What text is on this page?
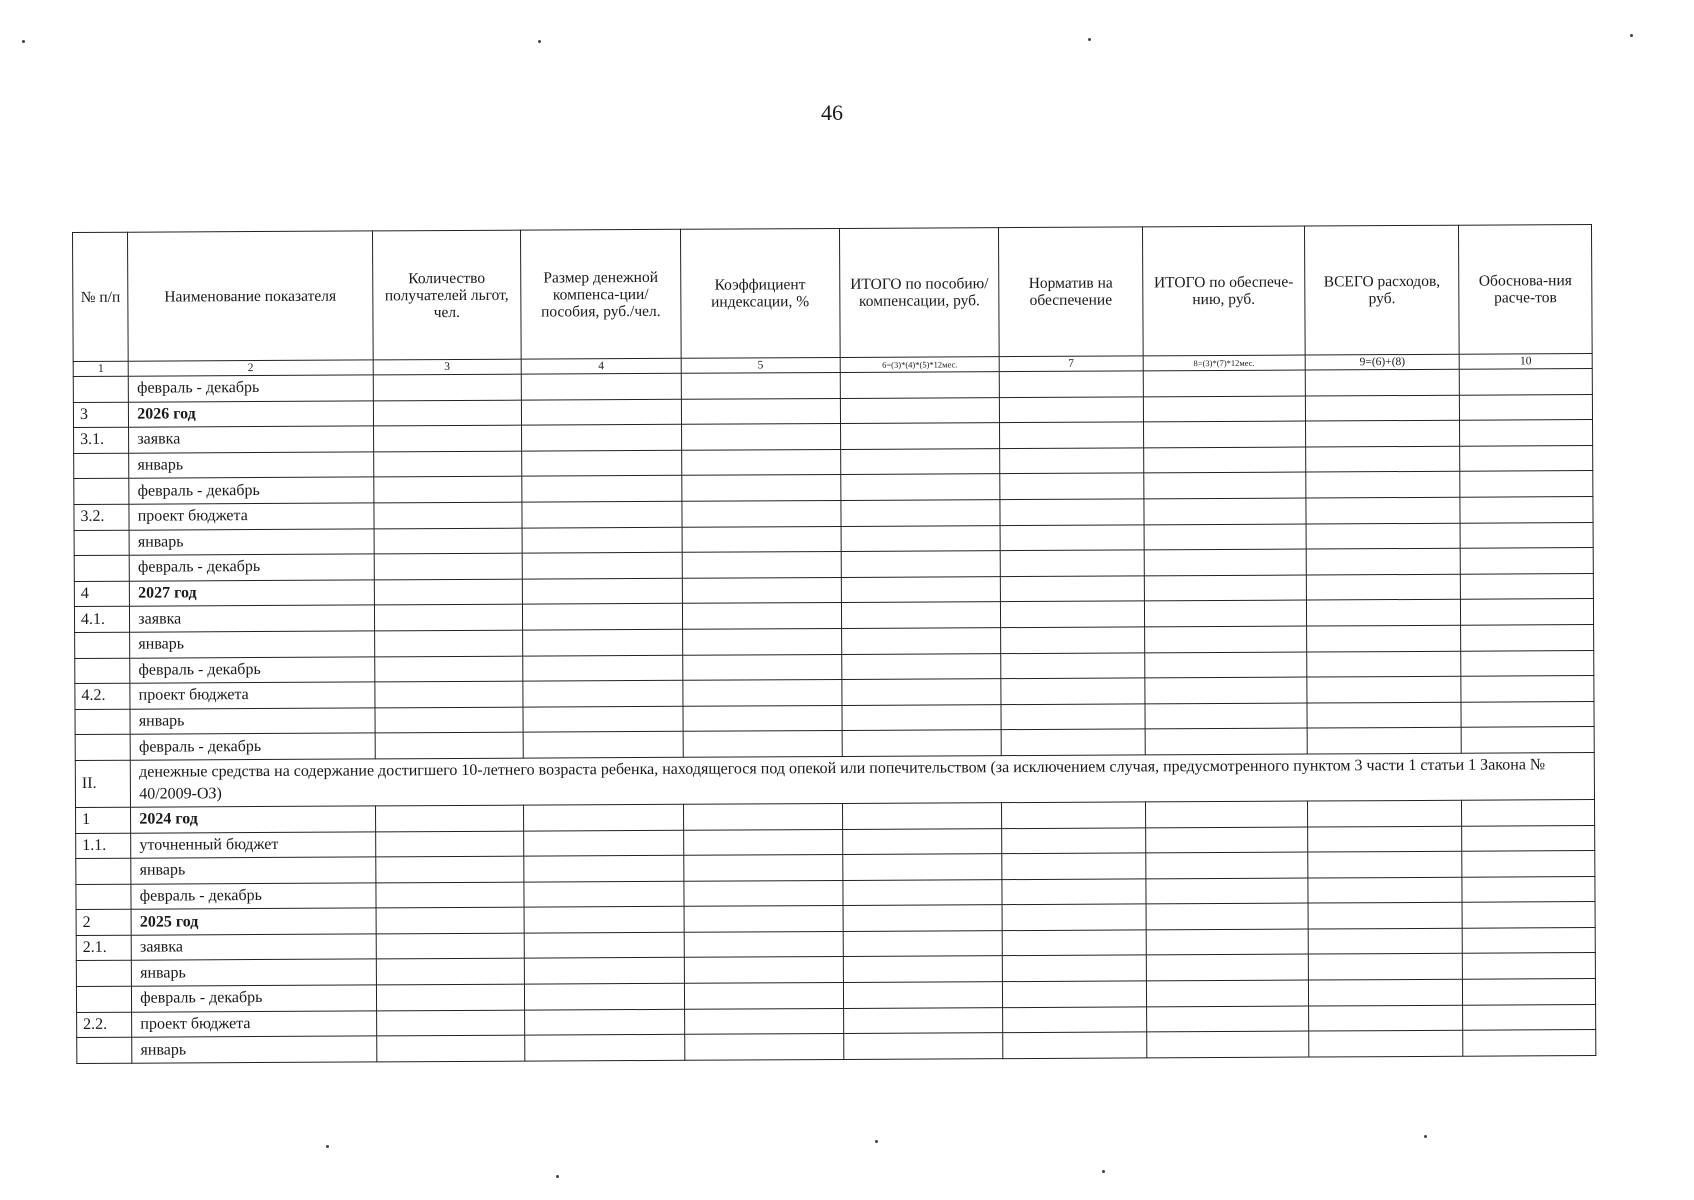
46
№ п/п	Наименование показателя	Количество получателей льгот, чел.	Размер денежной компенса-ции/пособия, руб./чел.	Коэффициент индексации, %	ИТОГО по пособию/ компенсации, руб.	Норматив на обеспечение	ИТОГО по обеспече-нию, руб.	ВСЕГО расходов, руб.	Обоснова-ния расче-тов
1	2	3	4	5	6=(3)*(4)*(5)*12мес.	7	8=(3)*(7)*12мес.	9=(6)+(8)	10
	февраль - декабрь								
3	2026 год								
3.1.	заявка								
	январь								
	февраль - декабрь								
3.2.	проект бюджета								
	январь								
	февраль - декабрь								
4	2027 год								
4.1.	заявка								
	январь								
	февраль - декабрь								
4.2.	проект бюджета								
	январь								
	февраль - декабрь								
II.	денежные средства на содержание достигшего 10-летнего возраста ребенка, находящегося под опекой или попечительством (за исключением случая, предусмотренного пунктом 3 части 1 статьи 1 Закона № 40/2009-ОЗ)								
1	2024 год								
1.1.	уточненный бюджет								
	январь								
	февраль - декабрь								
2	2025 год								
2.1.	заявка								
	январь								
	февраль - декабрь								
2.2.	проект бюджета								
	январь								
